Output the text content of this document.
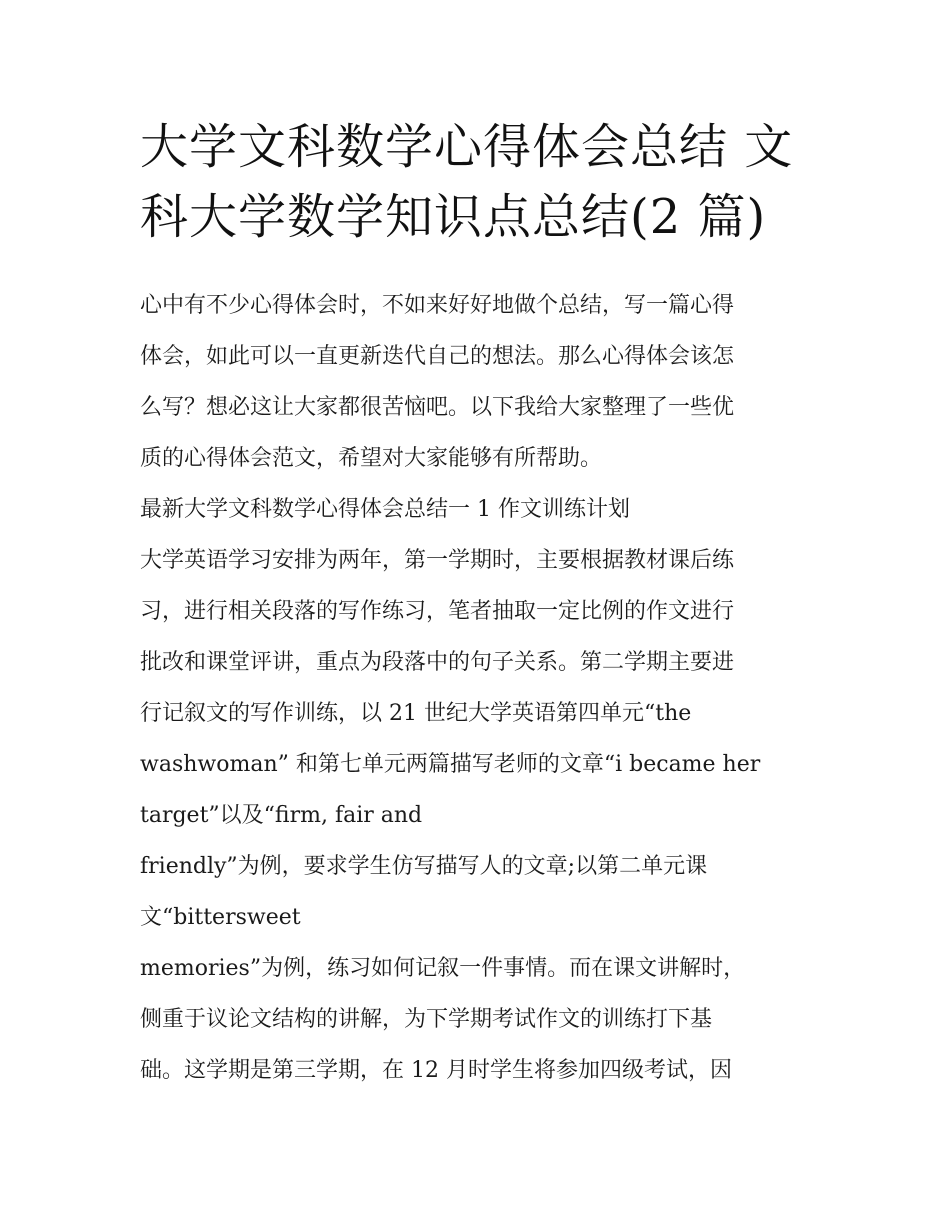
大学文科数学心得体会总结 文
科大学数学知识点总结(2 篇)

心中有不少心得体会时，不如来好好地做个总结，写一篇心得
体会，如此可以一直更新迭代自己的想法。那么心得体会该怎
么写？想必这让大家都很苦恼吧。以下我给大家整理了一些优
质的心得体会范文，希望对大家能够有所帮助。

最新大学文科数学心得体会总结一 1 作文训练计划

大学英语学习安排为两年，第一学期时，主要根据教材课后练
习，进行相关段落的写作练习，笔者抽取一定比例的作文进行
批改和课堂评讲，重点为段落中的句子关系。第二学期主要进
行记叙文的写作训练，以 21 世纪大学英语第四单元“the
washwoman” 和第七单元两篇描写老师的文章“i became her
target”以及“firm, fair and
friendly”为例，要求学生仿写描写人的文章;以第二单元课
文“bittersweet
memories”为例，练习如何记叙一件事情。而在课文讲解时，
侧重于议论文结构的讲解，为下学期考试作文的训练打下基
础。这学期是第三学期，在 12 月时学生将参加四级考试，因
